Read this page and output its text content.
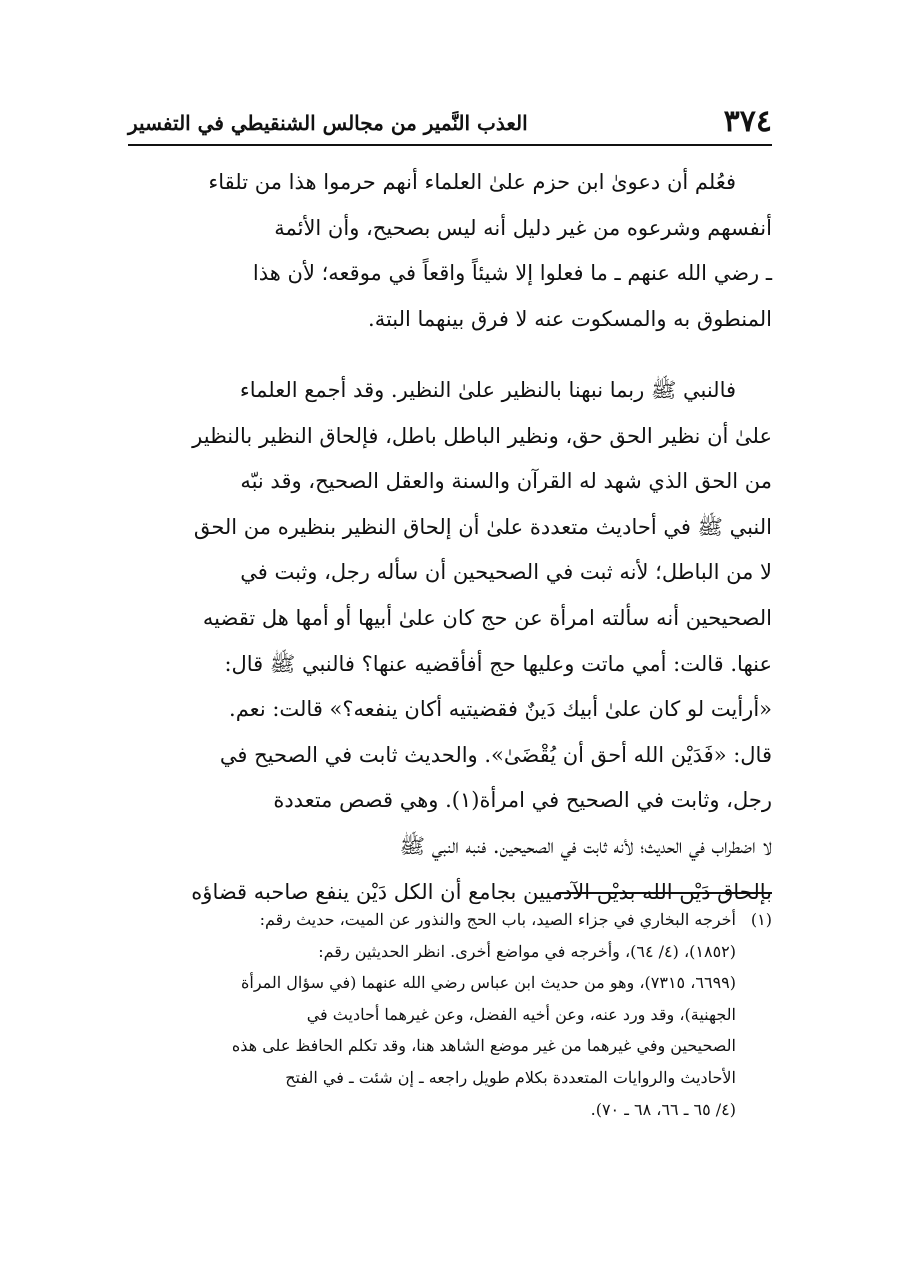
٣٧٤
العذب النَّمير من مجالس الشنقيطي في التفسير

فعُلم أن دعوىٰ ابن حزم علىٰ العلماء أنهم حرموا هذا من تلقاء
أنفسهم وشرعوه من غير دليل أنه ليس بصحيح، وأن الأئمة
ـ رضي الله عنهم ـ ما فعلوا إلا شيئاً واقعاً في موقعه؛ لأن هذا
المنطوق به والمسكوت عنه لا فرق بينهما البتة.

فالنبي ﷺ ربما نبهنا بالنظير علىٰ النظير. وقد أجمع العلماء
علىٰ أن نظير الحق حق، ونظير الباطل باطل، فإلحاق النظير بالنظير
من الحق الذي شهد له القرآن والسنة والعقل الصحيح، وقد نبّه
النبي ﷺ في أحاديث متعددة علىٰ أن إلحاق النظير بنظيره من الحق
لا من الباطل؛ لأنه ثبت في الصحيحين أن سأله رجل، وثبت في
الصحيحين أنه سألته امرأة عن حج كان علىٰ أبيها أو أمها هل تقضيه
عنها. قالت: أمي ماتت وعليها حج أفأقضيه عنها؟ فالنبي ﷺ قال:
«أرأيت لو كان علىٰ أبيك دَينٌ فقضيتيه أكان ينفعه؟» قالت: نعم.
قال: «فَدَيْن الله أحق أن يُقْضَىٰ». والحديث ثابت في الصحيح في
رجل، وثابت في الصحيح في امرأة(١). وهي قصص متعددة
لا اضطراب في الحديث؛ لأنه ثابت في الصحيحين. فنبه النبي ﷺ
بإلحاق دَيْن الله بديْن الآدميين بجامع أن الكل دَيْن ينفع صاحبه قضاؤه

(١)
أخرجه البخاري في جزاء الصيد، باب الحج والنذور عن الميت، حديث رقم:
(١٨٥٢)، (٤/ ٦٤)، وأخرجه في مواضع أخرى. انظر الحديثين رقم:
(٦٦٩٩، ٧٣١٥)، وهو من حديث ابن عباس رضي الله عنهما (في سؤال المرأة
الجهنية)، وقد ورد عنه، وعن أخيه الفضل، وعن غيرهما أحاديث في
الصحيحين وفي غيرهما من غير موضع الشاهد هنا، وقد تكلم الحافظ على هذه
الأحاديث والروايات المتعددة بكلام طويل راجعه ـ إن شئت ـ في الفتح
(٤/ ٦٥ ـ ٦٦، ٦٨ ـ ٧٠).
